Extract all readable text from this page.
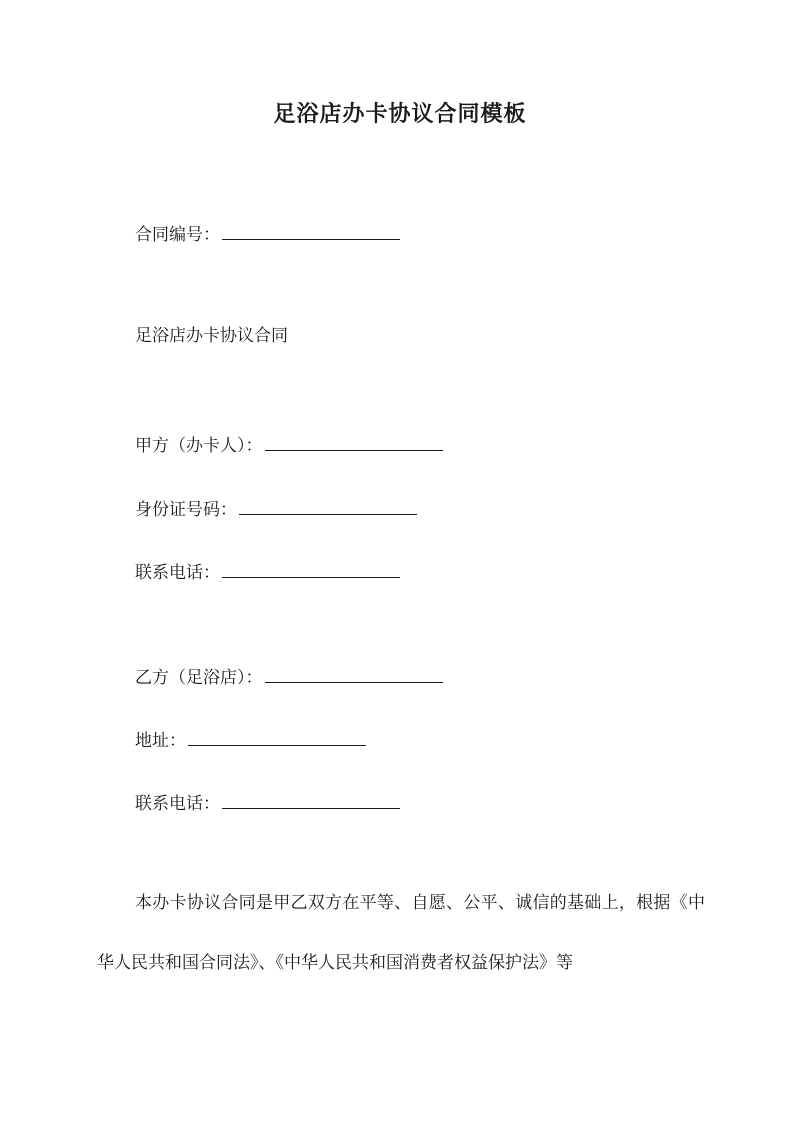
足浴店办卡协议合同模板
合同编号：
足浴店办卡协议合同
甲方（办卡人）：
身份证号码：
联系电话：
乙方（足浴店）：
地址：
联系电话：
本办卡协议合同是甲乙双方在平等、自愿、公平、诚信的基础上，根据《中华人民共和国合同法》、《中华人民共和国消费者权益保护法》等
